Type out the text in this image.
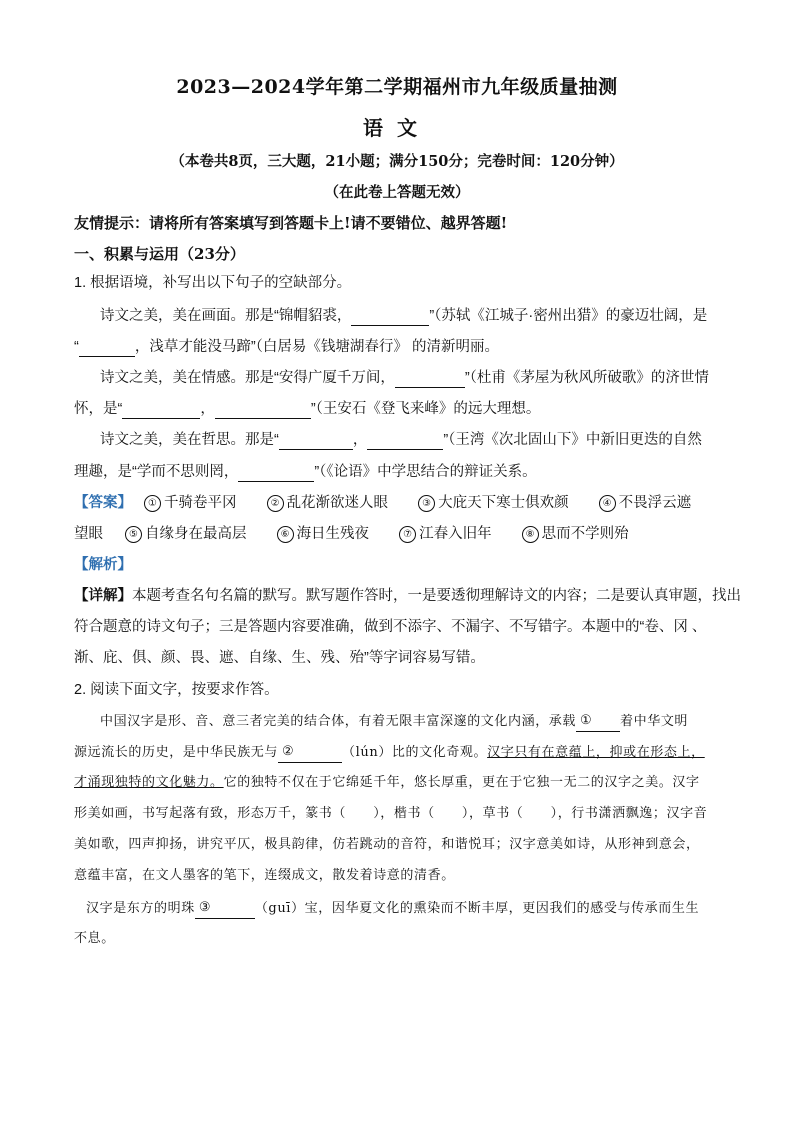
2023—2024学年第二学期福州市九年级质量抽测
语文
（本卷共8页，三大题，21小题；满分150分；完卷时间：120分钟）
（在此卷上答题无效）
友情提示：请将所有答案填写到答题卡上!请不要错位、越界答题!
一、积累与运用（23分）
1. 根据语境，补写出以下句子的空缺部分。
诗文之美，美在画面。那是“锦帽貂裘，	”（苏轼《江城子·密州出猎》的豪迈壮阔，是
“	，浅草才能没马蹄”（白居易《钱塘湖春行》 的清新明丽。
诗文之美，美在情感。那是“安得广厦千万间，	”（杜甫《茅屋为秋风所破歌》的济世情
怀，是“	，	”（王安石《登飞来峰》的远大理想。
诗文之美，美在哲思。那是“	，	”（王湾《次北固山下》中新旧更迭的自然
理趣，是“学而不思则罔，	”（《论语》中学思结合的辩证关系。
【答案】 ① 千骑卷平冈	② 乱花渐欲迷人眼	③ 大庇天下寒士俱欢颜	④ 不畏浮云遮
望眼	⑤ 自缘身在最高层	⑥ 海日生残夜	⑦ 江春入旧年	⑧ 思而不学则殆
【解析】
【详解】本题考查名句名篇的默写。默写题作答时，一是要透彻理解诗文的内容；二是要认真审题，找出
符合题意的诗文句子；三是答题内容要准确，做到不添字、不漏字、不写错字。本题中的“卷、冈 、
渐、庇、俱、颜、畏、遮、自缘、生、残、殆”等字词容易写错。
2. 阅读下面文字，按要求作答。
中国汉字是形、音、意三者完美的结合体，有着无限丰富深邃的文化内涵，承载 ① 着中华文明
源远流长的历史，是中华民族无与 ②	（lún）比的文化奇观。汉字只有在意蕴上，抑或在形态上，
才涌现独特的文化魅力。它的独特不仅在于它绵延千年，悠长厚重，更在于它独一无二的汉字之美。汉字
形美如画，书写起落有致，形态万千，篆书（　　），楷书（　　），草书（　　），行书潇洒飘逸；汉字音
美如歌，四声抑扬，讲究平仄，极具韵律，仿若跳动的音符，和谐悦耳；汉字意美如诗，从形神到意会，
意蕴丰富，在文人墨客的笔下，连缀成文，散发着诗意的清香。
汉字是东方的明珠 ③	（guī）宝，因华夏文化的熏染而不断丰厚，更因我们的感受与传承而生生
不息。
